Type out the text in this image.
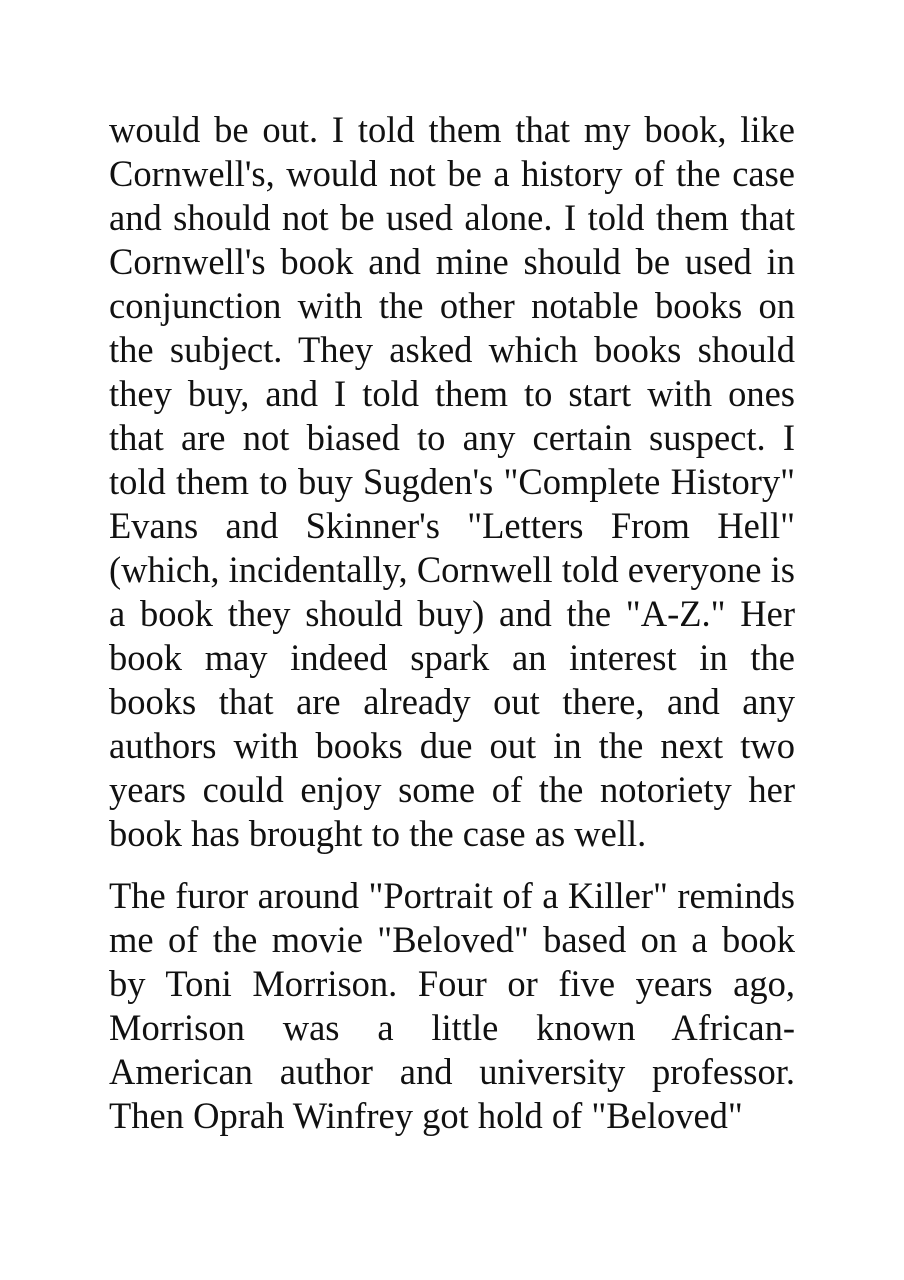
would be out. I told them that my book, like Cornwell's, would not be a history of the case and should not be used alone. I told them that Cornwell's book and mine should be used in conjunction with the other notable books on the subject. They asked which books should they buy, and I told them to start with ones that are not biased to any certain suspect. I told them to buy Sugden's "Complete History" Evans and Skinner's "Letters From Hell" (which, incidentally, Cornwell told everyone is a book they should buy) and the "A-Z." Her book may indeed spark an interest in the books that are already out there, and any authors with books due out in the next two years could enjoy some of the notoriety her book has brought to the case as well.

The furor around "Portrait of a Killer" reminds me of the movie "Beloved" based on a book by Toni Morrison. Four or five years ago, Morrison was a little known African-American author and university professor. Then Oprah Winfrey got hold of "Beloved"
